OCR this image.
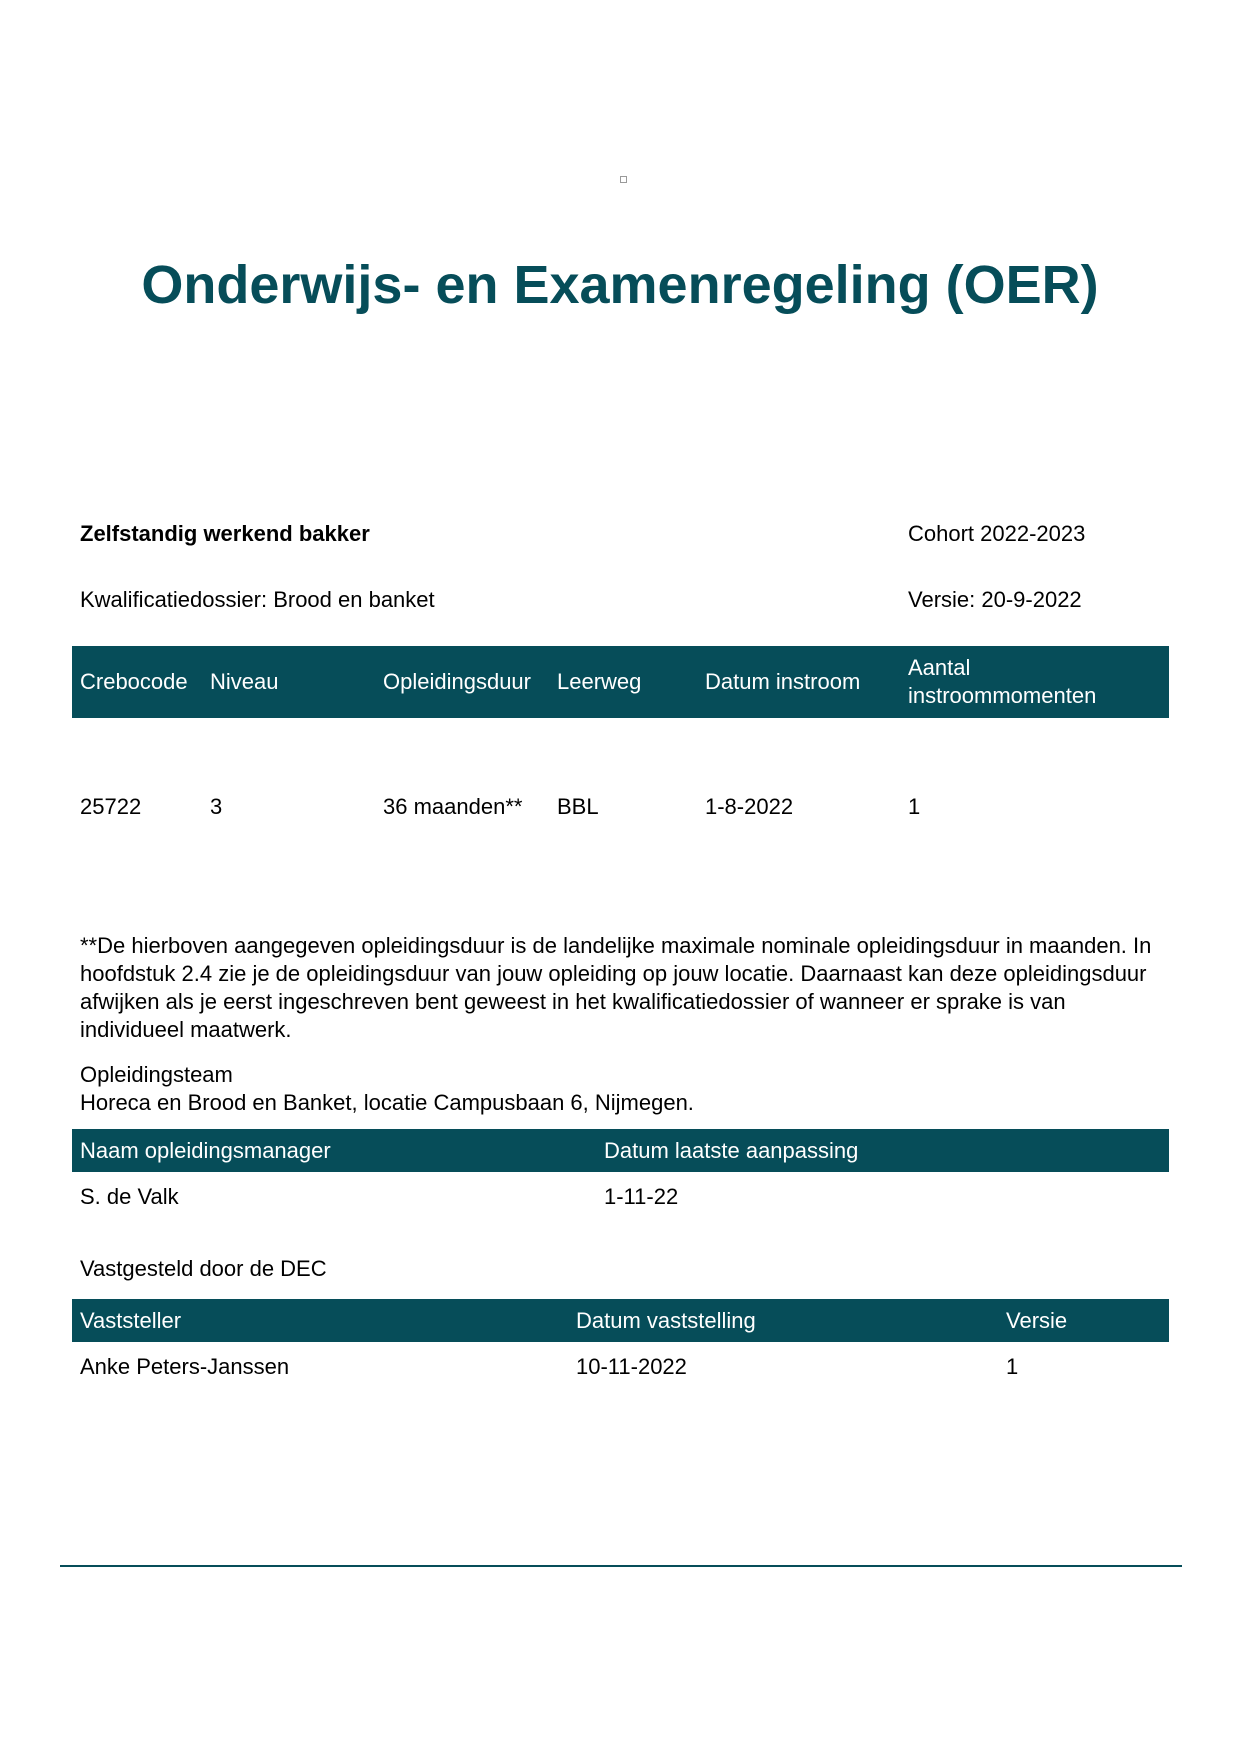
Onderwijs- en Examenregeling (OER)
Zelfstandig werkend bakker	Cohort 2022-2023
Kwalificatiedossier: Brood en banket	Versie: 20-9-2022
Crebocode	Niveau	Opleidingsduur	Leerweg	Datum instroom	Aantal instroommomenten
25722	3	36 maanden**	BBL	1-8-2022	1

**De hierboven aangegeven opleidingsduur is de landelijke maximale nominale opleidingsduur in maanden. In hoofdstuk 2.4 zie je de opleidingsduur van jouw opleiding op jouw locatie. Daarnaast kan deze opleidingsduur afwijken als je eerst ingeschreven bent geweest in het kwalificatiedossier of wanneer er sprake is van individueel maatwerk.

Opleidingsteam
Horeca en Brood en Banket, locatie Campusbaan 6, Nijmegen.
Naam opleidingsmanager	Datum laatste aanpassing
S. de Valk	1-11-22
Vastgesteld door de DEC
Vaststeller	Datum vaststelling	Versie
Anke Peters-Janssen	10-11-2022	1
